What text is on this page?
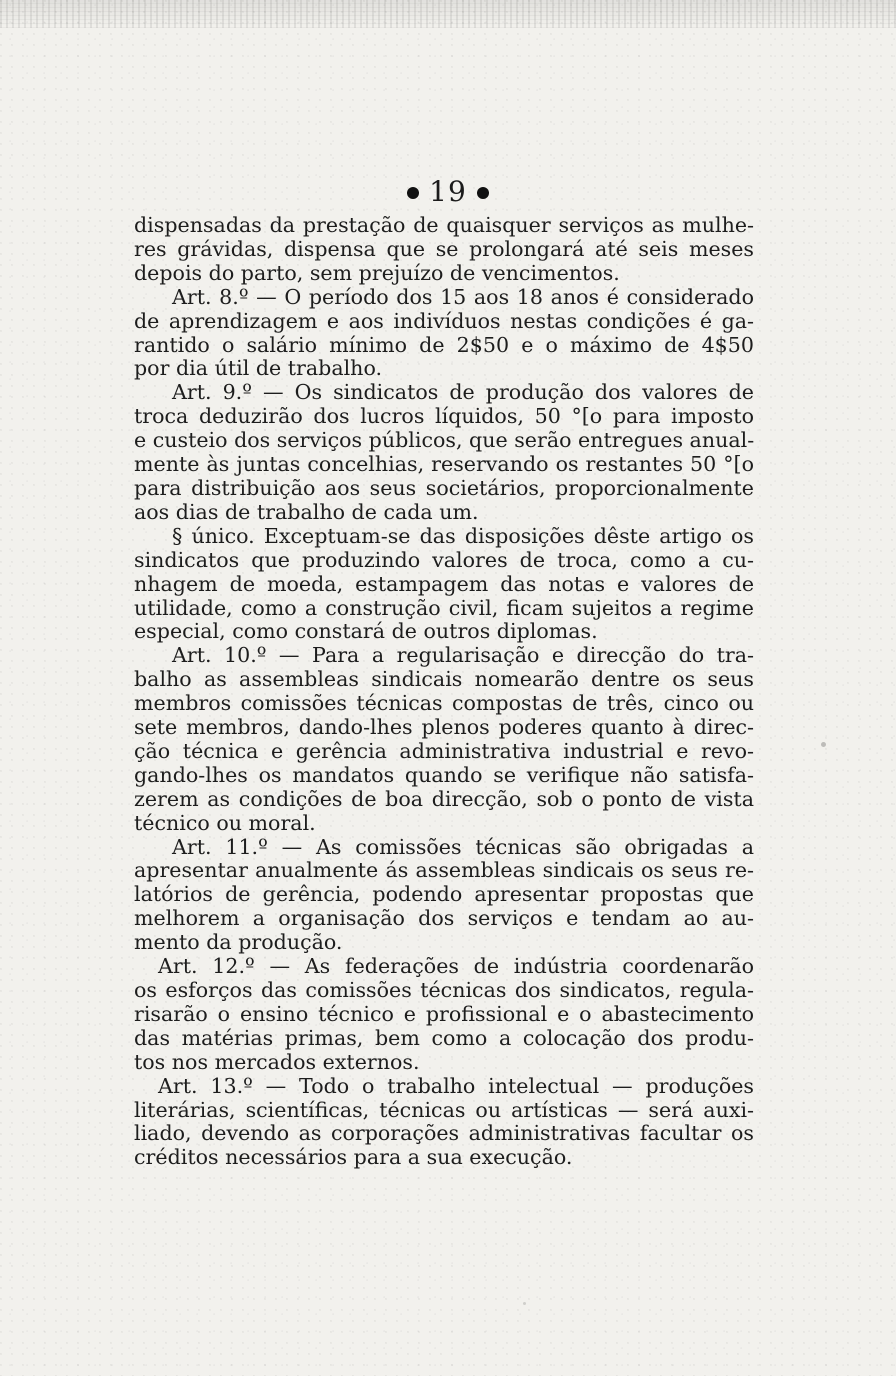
19
dispensadas da prestação de quaisquer serviços as mulhe-
res grávidas, dispensa que se prolongará até seis meses
depois do parto, sem prejuízo de vencimentos.
Art. 8.º — O período dos 15 aos 18 anos é considerado
de aprendizagem e aos indivíduos nestas condições é ga-
rantido o salário mínimo de 2$50 e o máximo de 4$50
por dia útil de trabalho.
Art. 9.º — Os sindicatos de produção dos valores de
troca deduzirão dos lucros líquidos, 50 °[o para imposto
e custeio dos serviços públicos, que serão entregues anual-
mente às juntas concelhias, reservando os restantes 50 °[o
para distribuição aos seus societários, proporcionalmente
aos dias de trabalho de cada um.
§ único. Exceptuam-se das disposições dêste artigo os
sindicatos que produzindo valores de troca, como a cu-
nhagem de moeda, estampagem das notas e valores de
utilidade, como a construção civil, ficam sujeitos a regime
especial, como constará de outros diplomas.
Art. 10.º — Para a regularisação e direcção do tra-
balho as assembleas sindicais nomearão dentre os seus
membros comissões técnicas compostas de três, cinco ou
sete membros, dando-lhes plenos poderes quanto à direc-
ção técnica e gerência administrativa industrial e revo-
gando-lhes os mandatos quando se verifique não satisfa-
zerem as condições de boa direcção, sob o ponto de vista
técnico ou moral.
Art. 11.º — As comissões técnicas são obrigadas a
apresentar anualmente ás assembleas sindicais os seus re-
latórios de gerência, podendo apresentar propostas que
melhorem a organisação dos serviços e tendam ao au-
mento da produção.
Art. 12.º — As federações de indústria coordenarão
os esforços das comissões técnicas dos sindicatos, regula-
risarão o ensino técnico e profissional e o abastecimento
das matérias primas, bem como a colocação dos produ-
tos nos mercados externos.
Art. 13.º — Todo o trabalho intelectual — produções
literárias, scientíficas, técnicas ou artísticas — será auxi-
liado, devendo as corporações administrativas facultar os
créditos necessários para a sua execução.
